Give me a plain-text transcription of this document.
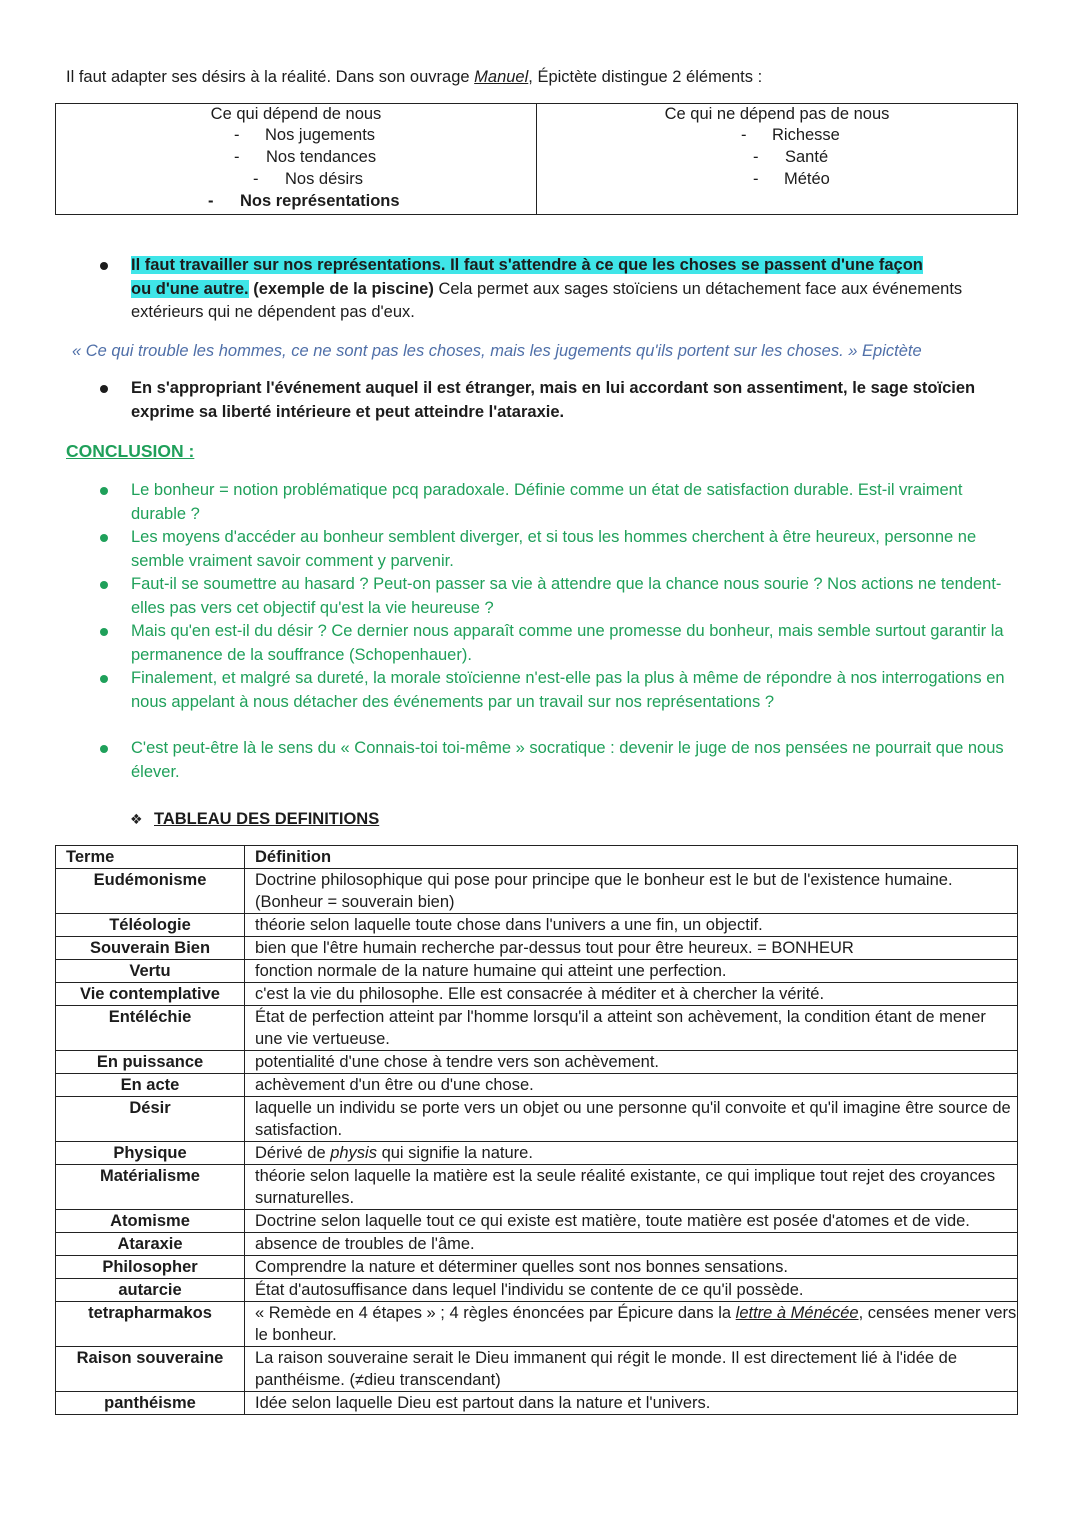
Il faut adapter ses désirs à la réalité. Dans son ouvrage Manuel, Épictète distingue 2 éléments :
Ce qui dépend de nous
- Nos jugements
- Nos tendances
- Nos désirs
- Nos représentations

Ce qui ne dépend pas de nous
- Richesse
- Santé
- Météo
Il faut travailler sur nos représentations. Il faut s'attendre à ce que les choses se passent d'une façon
ou d'une autre. (exemple de la piscine) Cela permet aux sages stoïciens un détachement face aux événements extérieurs qui ne dépendent pas d'eux.
« Ce qui trouble les hommes, ce ne sont pas les choses, mais les jugements qu'ils portent sur les choses. » Epictète
En s'appropriant l'événement auquel il est étranger, mais en lui accordant son assentiment, le sage stoïcien exprime sa liberté intérieure et peut atteindre l'ataraxie.
CONCLUSION :
Le bonheur = notion problématique pcq paradoxale. Définie comme un état de satisfaction durable. Est-il vraiment durable ?
Les moyens d'accéder au bonheur semblent diverger, et si tous les hommes cherchent à être heureux, personne ne semble vraiment savoir comment y parvenir.
Faut-il se soumettre au hasard ? Peut-on passer sa vie à attendre que la chance nous sourie ? Nos actions ne tendent-elles pas vers cet objectif qu'est la vie heureuse ?
Mais qu'en est-il du désir ? Ce dernier nous apparaît comme une promesse du bonheur, mais semble surtout garantir la permanence de la souffrance (Schopenhauer).
Finalement, et malgré sa dureté, la morale stoïcienne n'est-elle pas la plus à même de répondre à nos interrogations en nous appelant à nous détacher des événements par un travail sur nos représentations ?
C'est peut-être là le sens du « Connais-toi toi-même » socratique : devenir le juge de nos pensées ne pourrait que nous élever.
❖ TABLEAU DES DEFINITIONS
Terme	Définition
Eudémonisme	Doctrine philosophique qui pose pour principe que le bonheur est le but de l'existence humaine. (Bonheur = souverain bien)
Téléologie	théorie selon laquelle toute chose dans l'univers a une fin, un objectif.
Souverain Bien	bien que l'être humain recherche par-dessus tout pour être heureux. = BONHEUR
Vertu	fonction normale de la nature humaine qui atteint une perfection.
Vie contemplative	c'est la vie du philosophe. Elle est consacrée à méditer et à chercher la vérité.
Entéléchie	État de perfection atteint par l'homme lorsqu'il a atteint son achèvement, la condition étant de mener une vie vertueuse.
En puissance	potentialité d'une chose à tendre vers son achèvement.
En acte	achèvement d'un être ou d'une chose.
Désir	laquelle un individu se porte vers un objet ou une personne qu'il convoite et qu'il imagine être source de satisfaction.
Physique	Dérivé de physis qui signifie la nature.
Matérialisme	théorie selon laquelle la matière est la seule réalité existante, ce qui implique tout rejet des croyances surnaturelles.
Atomisme	Doctrine selon laquelle tout ce qui existe est matière, toute matière est posée d'atomes et de vide.
Ataraxie	absence de troubles de l'âme.
Philosopher	Comprendre la nature et déterminer quelles sont nos bonnes sensations.
autarcie	État d'autosuffisance dans lequel l'individu se contente de ce qu'il possède.
tetrapharmakos	« Remède en 4 étapes » ; 4 règles énoncées par Épicure dans la lettre à Ménécée, censées mener vers le bonheur.
Raison souveraine	La raison souveraine serait le Dieu immanent qui régit le monde. Il est directement lié à l'idée de panthéisme. (≠dieu transcendant)
panthéisme	Idée selon laquelle Dieu est partout dans la nature et l'univers.
